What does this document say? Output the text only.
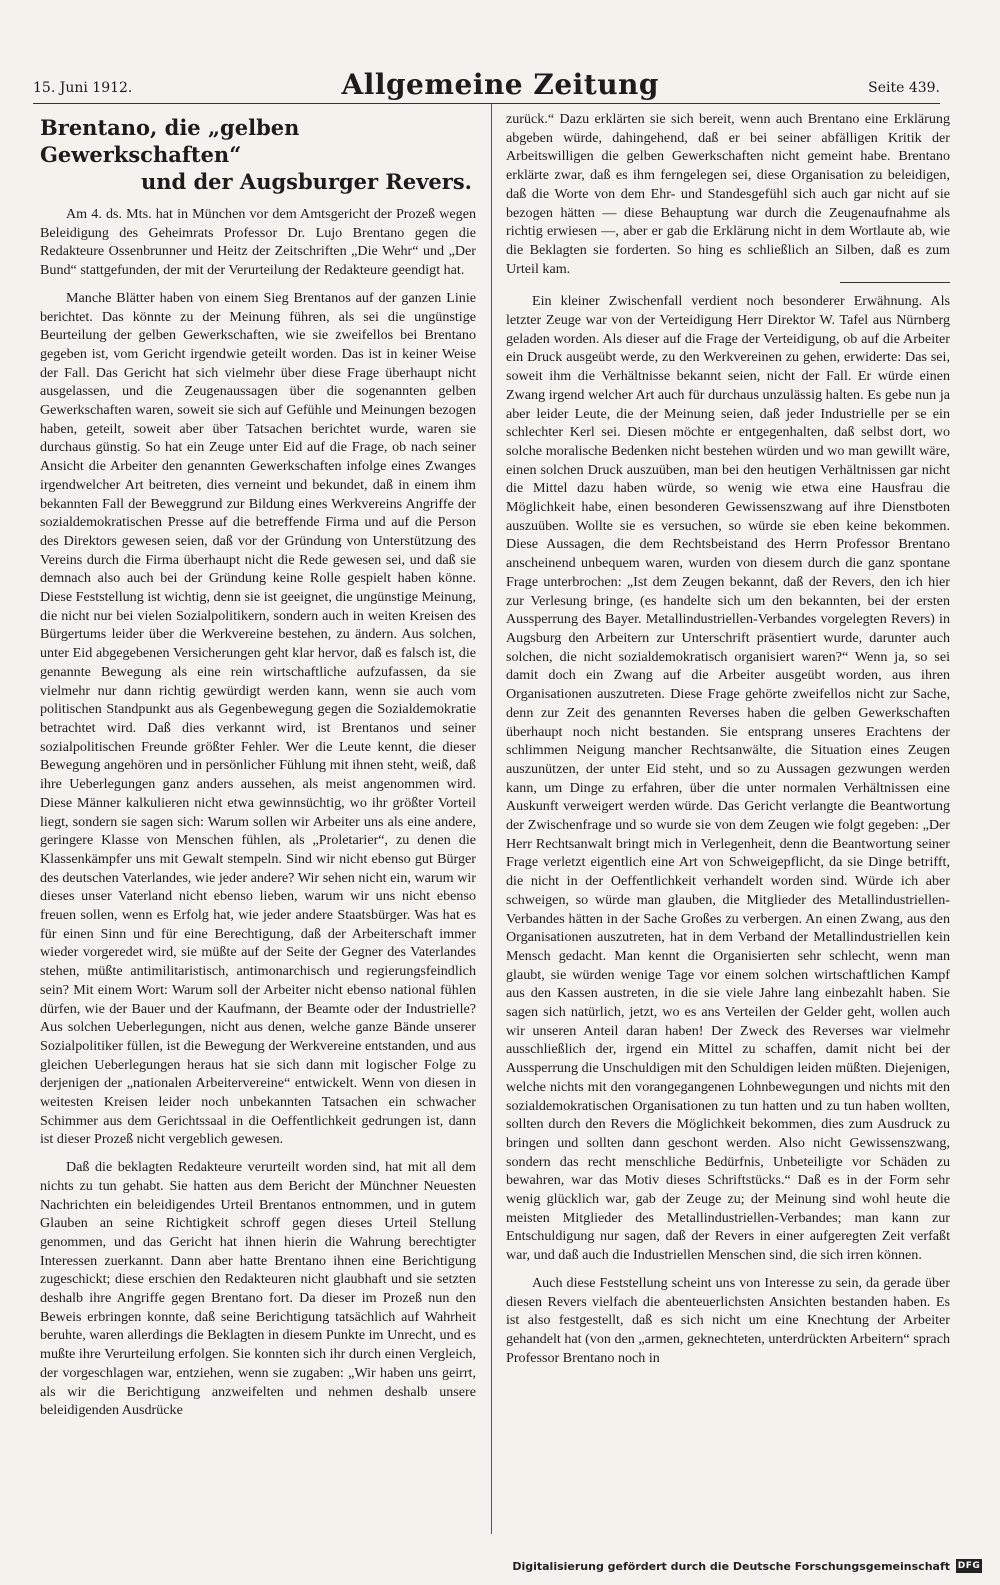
15. Juni 1912.	Allgemeine Zeitung	Seite 439.
Brentano, die „gelben Gewerkschaften“
und der Augsburger Revers.

Am 4. ds. Mts. hat in München vor dem Amtsgericht der Prozeß wegen Beleidigung des Geheimrats Professor Dr. Lujo Brentano gegen die Redakteure Ossenbrunner und Heitz der Zeitschriften „Die Wehr“ und „Der Bund“ stattgefunden, der mit der Verurteilung der Redakteure geendigt hat.

Manche Blätter haben von einem Sieg Brentanos auf der ganzen Linie berichtet. Das könnte zu der Meinung führen, als sei die ungünstige Beurteilung der gelben Gewerkschaften, wie sie zweifellos bei Brentano gegeben ist, vom Gericht irgendwie geteilt worden. Das ist in keiner Weise der Fall. Das Gericht hat sich vielmehr über diese Frage überhaupt nicht ausgelassen, und die Zeugenaussagen über die sogenannten gelben Gewerkschaften waren, soweit sie sich auf Gefühle und Meinungen bezogen haben, geteilt, soweit aber über Tatsachen berichtet wurde, waren sie durchaus günstig. So hat ein Zeuge unter Eid auf die Frage, ob nach seiner Ansicht die Arbeiter den genannten Gewerkschaften infolge eines Zwanges irgendwelcher Art beitreten, dies verneint und bekundet, daß in einem ihm bekannten Fall der Beweggrund zur Bildung eines Werkvereins Angriffe der sozialdemokratischen Presse auf die betreffende Firma und auf die Person des Direktors gewesen seien, daß vor der Gründung von Unterstützung des Vereins durch die Firma überhaupt nicht die Rede gewesen sei, und daß sie demnach also auch bei der Gründung keine Rolle gespielt haben könne. Diese Feststellung ist wichtig, denn sie ist geeignet, die ungünstige Meinung, die nicht nur bei vielen Sozialpolitikern, sondern auch in weiten Kreisen des Bürgertums leider über die Werkvereine bestehen, zu ändern. Aus solchen, unter Eid abgegebenen Versicherungen geht klar hervor, daß es falsch ist, die genannte Bewegung als eine rein wirtschaftliche aufzufassen, da sie vielmehr nur dann richtig gewürdigt werden kann, wenn sie auch vom politischen Standpunkt aus als Gegenbewegung gegen die Sozialdemokratie betrachtet wird. Daß dies verkannt wird, ist Brentanos und seiner sozialpolitischen Freunde größter Fehler. Wer die Leute kennt, die dieser Bewegung angehören und in persönlicher Fühlung mit ihnen steht, weiß, daß ihre Ueberlegungen ganz anders aussehen, als meist angenommen wird. Diese Männer kalkulieren nicht etwa gewinnsüchtig, wo ihr größter Vorteil liegt, sondern sie sagen sich: Warum sollen wir Arbeiter uns als eine andere, geringere Klasse von Menschen fühlen, als „Proletarier“, zu denen die Klassenkämpfer uns mit Gewalt stempeln. Sind wir nicht ebenso gut Bürger des deutschen Vaterlandes, wie jeder andere? Wir sehen nicht ein, warum wir dieses unser Vaterland nicht ebenso lieben, warum wir uns nicht ebenso freuen sollen, wenn es Erfolg hat, wie jeder andere Staatsbürger. Was hat es für einen Sinn und für eine Berechtigung, daß der Arbeiterschaft immer wieder vorgeredet wird, sie müßte auf der Seite der Gegner des Vaterlandes stehen, müßte antimilitaristisch, antimonarchisch und regierungsfeindlich sein? Mit einem Wort: Warum soll der Arbeiter nicht ebenso national fühlen dürfen, wie der Bauer und der Kaufmann, der Beamte oder der Industrielle? Aus solchen Ueberlegungen, nicht aus denen, welche ganze Bände unserer Sozialpolitiker füllen, ist die Bewegung der Werkvereine entstanden, und aus gleichen Ueberlegungen heraus hat sie sich dann mit logischer Folge zu derjenigen der „nationalen Arbeitervereine“ entwickelt. Wenn von diesen in weitesten Kreisen leider noch unbekannten Tatsachen ein schwacher Schimmer aus dem Gerichtssaal in die Oeffentlichkeit gedrungen ist, dann ist dieser Prozeß nicht vergeblich gewesen.

Daß die beklagten Redakteure verurteilt worden sind, hat mit all dem nichts zu tun gehabt. Sie hatten aus dem Bericht der Münchner Neuesten Nachrichten ein beleidigendes Urteil Brentanos entnommen, und in gutem Glauben an seine Richtigkeit schroff gegen dieses Urteil Stellung genommen, und das Gericht hat ihnen hierin die Wahrung berechtigter Interessen zuerkannt. Dann aber hatte Brentano ihnen eine Berichtigung zugeschickt; diese erschien den Redakteuren nicht glaubhaft und sie setzten deshalb ihre Angriffe gegen Brentano fort. Da dieser im Prozeß nun den Beweis erbringen konnte, daß seine Berichtigung tatsächlich auf Wahrheit beruhte, waren allerdings die Beklagten in diesem Punkte im Unrecht, und es mußte ihre Verurteilung erfolgen. Sie konnten sich ihr durch einen Vergleich, der vorgeschlagen war, entziehen, wenn sie zugaben: „Wir haben uns geirrt, als wir die Berichtigung anzweifelten und nehmen deshalb unsere beleidigenden Ausdrücke

zurück.“ Dazu erklärten sie sich bereit, wenn auch Brentano eine Erklärung abgeben würde, dahingehend, daß er bei seiner abfälligen Kritik der Arbeitswilligen die gelben Gewerkschaften nicht gemeint habe. Brentano erklärte zwar, daß es ihm ferngelegen sei, diese Organisation zu beleidigen, daß die Worte von dem Ehr- und Standesgefühl sich auch gar nicht auf sie bezogen hätten — diese Behauptung war durch die Zeugenaufnahme als richtig erwiesen —, aber er gab die Erklärung nicht in dem Wortlaute ab, wie die Beklagten sie forderten. So hing es schließlich an Silben, daß es zum Urteil kam.

Ein kleiner Zwischenfall verdient noch besonderer Erwähnung. Als letzter Zeuge war von der Verteidigung Herr Direktor W. Tafel aus Nürnberg geladen worden. Als dieser auf die Frage der Verteidigung, ob auf die Arbeiter ein Druck ausgeübt werde, zu den Werkvereinen zu gehen, erwiderte: Das sei, soweit ihm die Verhältnisse bekannt seien, nicht der Fall. Er würde einen Zwang irgend welcher Art auch für durchaus unzulässig halten. Es gebe nun ja aber leider Leute, die der Meinung seien, daß jeder Industrielle per se ein schlechter Kerl sei. Diesen möchte er entgegenhalten, daß selbst dort, wo solche moralische Bedenken nicht bestehen würden und wo man gewillt wäre, einen solchen Druck auszuüben, man bei den heutigen Verhältnissen gar nicht die Mittel dazu haben würde, so wenig wie etwa eine Hausfrau die Möglichkeit habe, einen besonderen Gewissenszwang auf ihre Dienstboten auszuüben. Wollte sie es versuchen, so würde sie eben keine bekommen. Diese Aussagen, die dem Rechtsbeistand des Herrn Professor Brentano anscheinend unbequem waren, wurden von diesem durch die ganz spontane Frage unterbrochen: „Ist dem Zeugen bekannt, daß der Revers, den ich hier zur Verlesung bringe, (es handelte sich um den bekannten, bei der ersten Aussperrung des Bayer. Metallindustriellen-Verbandes vorgelegten Revers) in Augsburg den Arbeitern zur Unterschrift präsentiert wurde, darunter auch solchen, die nicht sozialdemokratisch organisiert waren?“ Wenn ja, so sei damit doch ein Zwang auf die Arbeiter ausgeübt worden, aus ihren Organisationen auszutreten. Diese Frage gehörte zweifellos nicht zur Sache, denn zur Zeit des genannten Reverses haben die gelben Gewerkschaften überhaupt noch nicht bestanden. Sie entsprang unseres Erachtens der schlimmen Neigung mancher Rechtsanwälte, die Situation eines Zeugen auszunützen, der unter Eid steht, und so zu Aussagen gezwungen werden kann, um Dinge zu erfahren, über die unter normalen Verhältnissen eine Auskunft verweigert werden würde. Das Gericht verlangte die Beantwortung der Zwischenfrage und so wurde sie von dem Zeugen wie folgt gegeben: „Der Herr Rechtsanwalt bringt mich in Verlegenheit, denn die Beantwortung seiner Frage verletzt eigentlich eine Art von Schweigepflicht, da sie Dinge betrifft, die nicht in der Oeffentlichkeit verhandelt worden sind. Würde ich aber schweigen, so würde man glauben, die Mitglieder des Metallindustriellen-Verbandes hätten in der Sache Großes zu verbergen. An einen Zwang, aus den Organisationen auszutreten, hat in dem Verband der Metallindustriellen kein Mensch gedacht. Man kennt die Organisierten sehr schlecht, wenn man glaubt, sie würden wenige Tage vor einem solchen wirtschaftlichen Kampf aus den Kassen austreten, in die sie viele Jahre lang einbezahlt haben. Sie sagen sich natürlich, jetzt, wo es ans Verteilen der Gelder geht, wollen auch wir unseren Anteil daran haben! Der Zweck des Reverses war vielmehr ausschließlich der, irgend ein Mittel zu schaffen, damit nicht bei der Aussperrung die Unschuldigen mit den Schuldigen leiden müßten. Diejenigen, welche nichts mit den vorangegangenen Lohnbewegungen und nichts mit den sozialdemokratischen Organisationen zu tun hatten und zu tun haben wollten, sollten durch den Revers die Möglichkeit bekommen, dies zum Ausdruck zu bringen und sollten dann geschont werden. Also nicht Gewissenszwang, sondern das recht menschliche Bedürfnis, Unbeteiligte vor Schäden zu bewahren, war das Motiv dieses Schriftstücks.“ Daß es in der Form sehr wenig glücklich war, gab der Zeuge zu; der Meinung sind wohl heute die meisten Mitglieder des Metallindustriellen-Verbandes; man kann zur Entschuldigung nur sagen, daß der Revers in einer aufgeregten Zeit verfaßt war, und daß auch die Industriellen Menschen sind, die sich irren können.

Auch diese Feststellung scheint uns von Interesse zu sein, da gerade über diesen Revers vielfach die abenteuerlichsten Ansichten bestanden haben. Es ist also festgestellt, daß es sich nicht um eine Knechtung der Arbeiter gehandelt hat (von den „armen, geknechteten, unterdrückten Arbeitern“ sprach Professor Brentano noch in

Digitalisierung gefördert durch die Deutsche Forschungsgemeinschaft DFG
